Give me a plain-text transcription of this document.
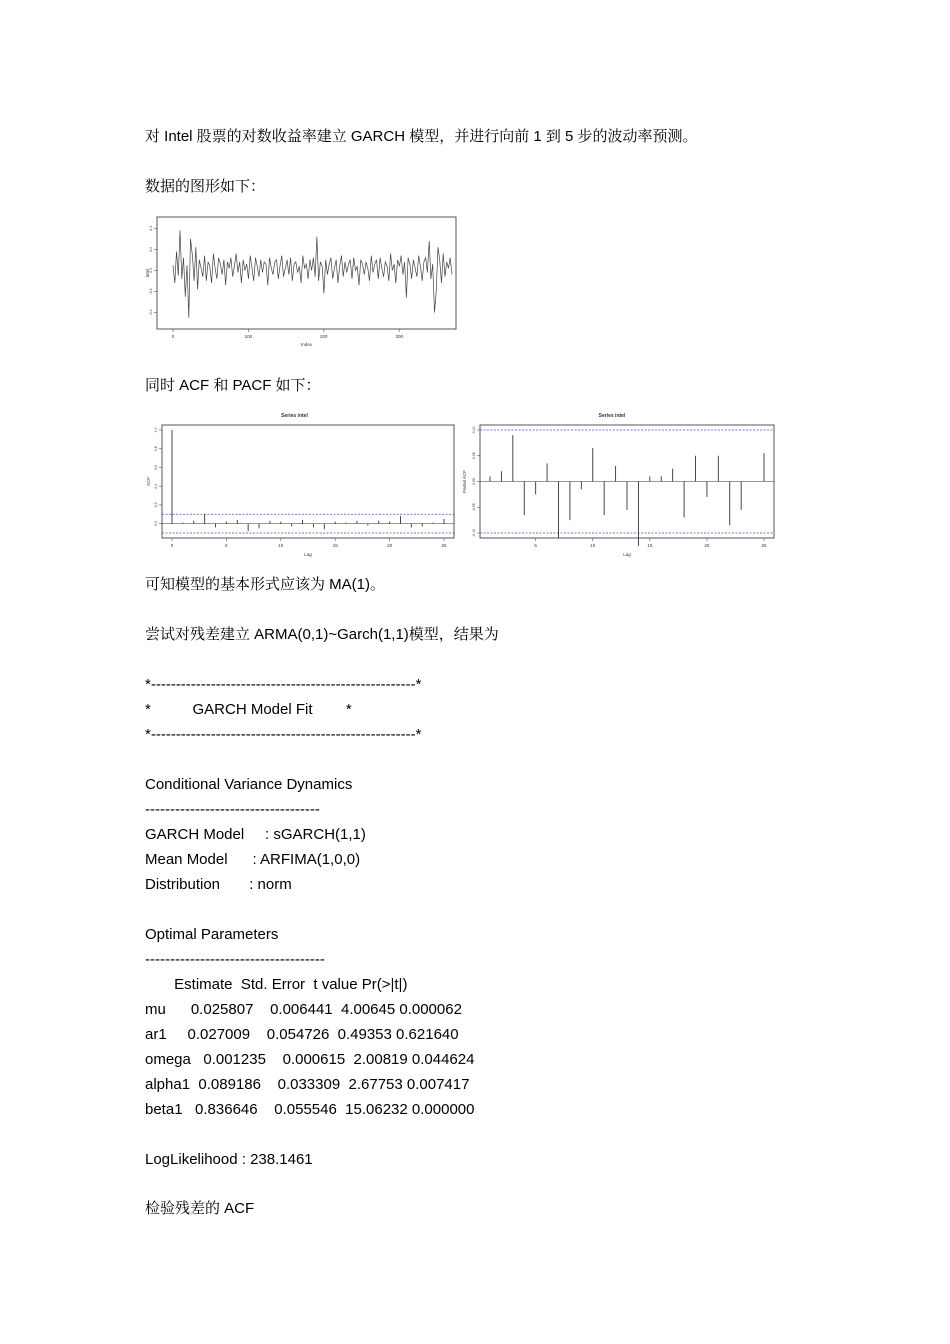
对 Intel 股票的对数收益率建立 GARCH 模型，并进行向前 1 到 5 步的波动率预测。
数据的图形如下：
0	100	200	300
-0.4
-0.2
0.0
0.2
0.4
Index
intel
同时 ACF 和 PACF 如下：
Series intel
0	5	10	15	20	25
0.0
0.2
0.4
0.6
0.8
1.0
Lag
ACF
Series intel
5	10	15	20	25
-0.10
-0.05
0.00
0.05
0.10
Lag
Partial ACF
可知模型的基本形式应该为 MA(1)。
尝试对残差建立 ARMA(0,1)~Garch(1,1)模型，结果为
*-----------------------------------------------------*
*          GARCH Model Fit        *
*-----------------------------------------------------*
Conditional Variance Dynamics
-----------------------------------
GARCH Model     : sGARCH(1,1)
Mean Model      : ARFIMA(1,0,0)
Distribution       : norm
Optimal Parameters
------------------------------------
Estimate  Std. Error  t value Pr(>|t|)
mu      0.025807    0.006441  4.00645 0.000062
ar1     0.027009    0.054726  0.49353 0.621640
omega   0.001235    0.000615  2.00819 0.044624
alpha1  0.089186    0.033309  2.67753 0.007417
beta1   0.836646    0.055546  15.06232 0.000000
LogLikelihood : 238.1461
检验残差的 ACF
